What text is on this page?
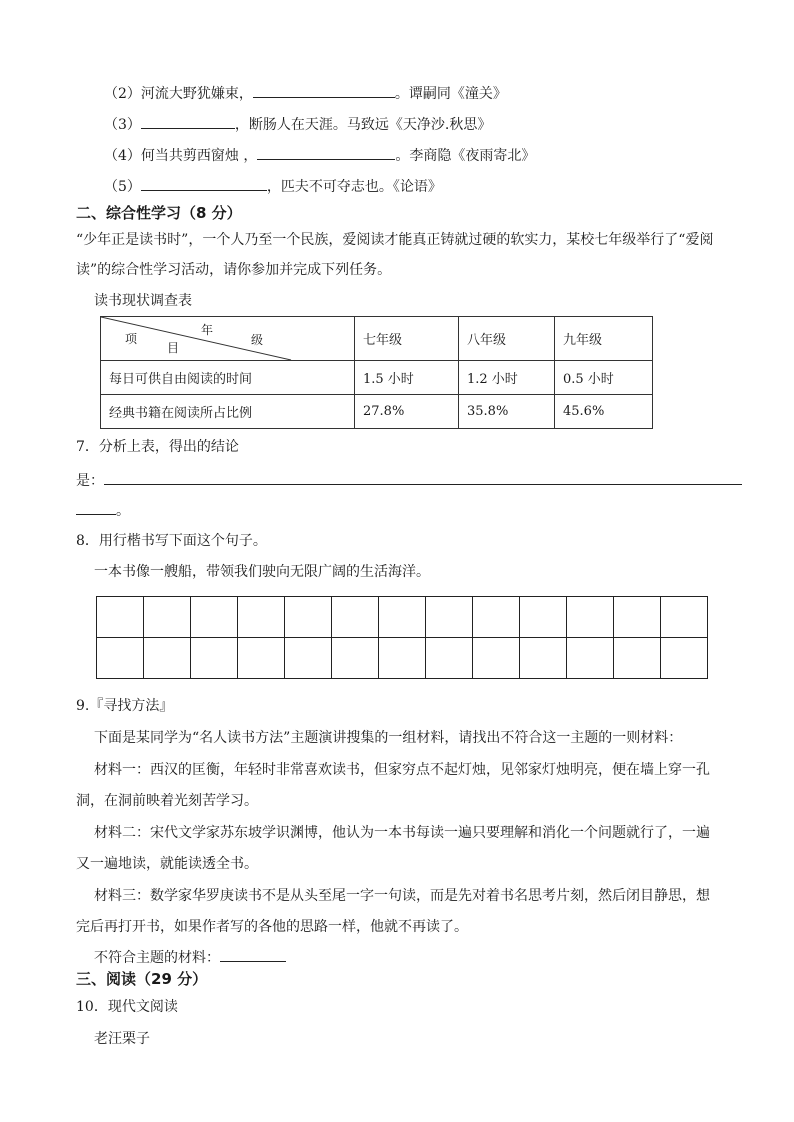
（2）河流大野犹嫌束，	。谭嗣同《潼关》
（3）	，断肠人在天涯。马致远《天净沙.秋思》
（4）何当共剪西窗烛 ，	。李商隐《夜雨寄北》
（5）	，匹夫不可夺志也。《论语》
二、综合性学习（8 分）
“少年正是读书时”，一个人乃至一个民族，爱阅读才能真正铸就过硬的软实力，某校七年级举行了“爱阅
读”的综合性学习活动，请你参加并完成下列任务。
读书现状调查表
年
级
项
目	七年级	八年级	九年级
每日可供自由阅读的时间	1.5 小时	1.2 小时	0.5 小时
经典书籍在阅读所占比例	27.8%	35.8%	45.6%
7．分析上表，得出的结论
是：
。
8．用行楷书写下面这个句子。
一本书像一艘船，带领我们驶向无限广阔的生活海洋。

9.『寻找方法』
下面是某同学为“名人读书方法”主题演讲搜集的一组材料，请找出不符合这一主题的一则材料：
材料一：西汉的匡衡，年轻时非常喜欢读书，但家穷点不起灯烛，见邻家灯烛明亮，便在墙上穿一孔
洞，在洞前映着光刻苦学习。
材料二：宋代文学家苏东坡学识渊博，他认为一本书每读一遍只要理解和消化一个问题就行了，一遍
又一遍地读，就能读透全书。
材料三：数学家华罗庚读书不是从头至尾一字一句读，而是先对着书名思考片刻，然后闭目静思，想
完后再打开书，如果作者写的各他的思路一样，他就不再读了。
不符合主题的材料：
三、阅读（29 分）
10．现代文阅读
老汪栗子
